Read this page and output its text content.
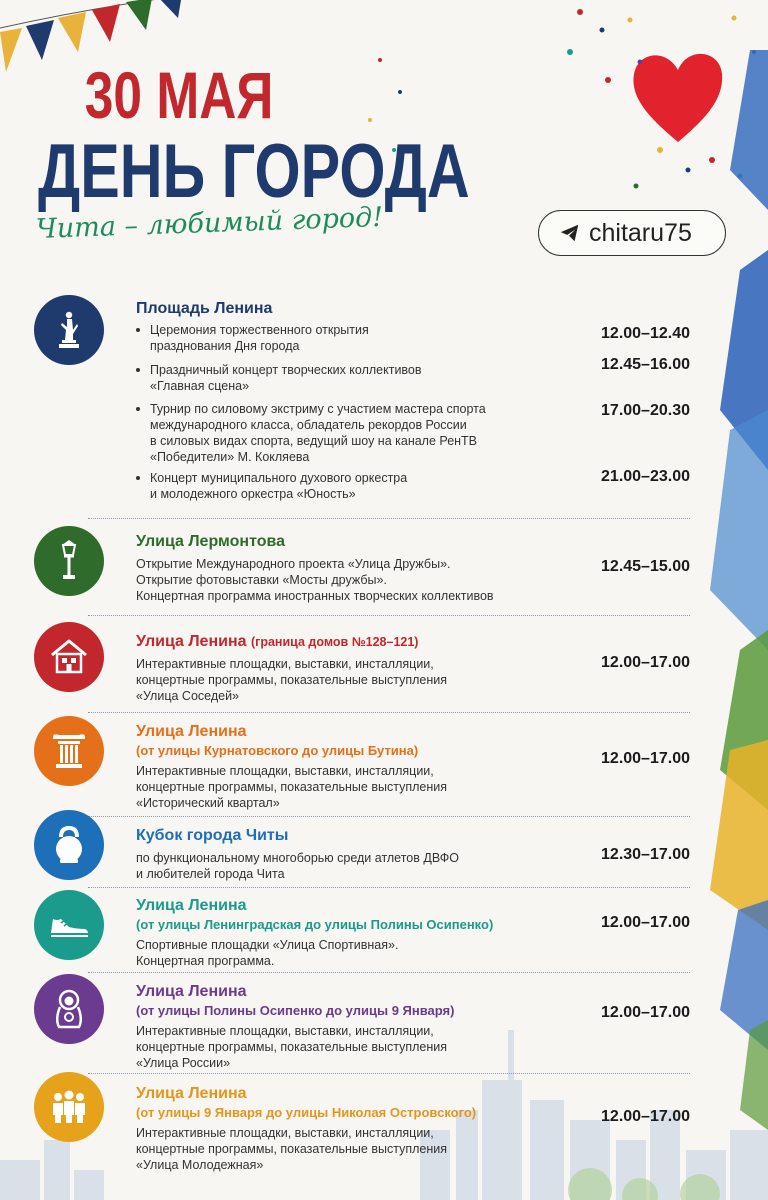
30 МАЯ
ДЕНЬ ГОРОДА
Чита – любимый город!	chitaru75
Площадь Ленина
Церемония торжественного открытия
празднования Дня города
12.00–12.40
Праздничный концерт творческих коллективов
«Главная сцена»
12.45–16.00
Турнир по силовому экстриму с участием мастера спорта
международного класса, обладатель рекордов России
в силовых видах спорта, ведущий шоу на канале РенТВ
«Победители» М. Кокляева
17.00–20.30
Концерт муниципального духового оркестра
и молодежного оркестра «Юность»
21.00–23.00
Улица Лермонтова
Открытие Международного проекта «Улица Дружбы».
Открытие фотовыставки «Мосты дружбы».
Концертная программа иностранных творческих коллективов
12.45–15.00
Улица Ленина (граница домов №128–121)
Интерактивные площадки, выставки, инсталляции,
концертные программы, показательные выступления
«Улица Соседей»
12.00–17.00
Улица Ленина
(от улицы Курнатовского до улицы Бутина)
Интерактивные площадки, выставки, инсталляции,
концертные программы, показательные выступления
«Исторический квартал»
12.00–17.00
Кубок города Читы
по функциональному многоборью среди атлетов ДВФО
и любителей города Чита
12.30–17.00
Улица Ленина
(от улицы Ленинградская до улицы Полины Осипенко)
Спортивные площадки «Улица Спортивная».
Концертная программа.
12.00–17.00
Улица Ленина
(от улицы Полины Осипенко до улицы 9 Января)
Интерактивные площадки, выставки, инсталляции,
концертные программы, показательные выступления
«Улица России»
12.00–17.00
Улица Ленина
(от улицы 9 Января до улицы Николая Островского)
Интерактивные площадки, выставки, инсталляции,
концертные программы, показательные выступления
«Улица Молодежная»
12.00–17.00
